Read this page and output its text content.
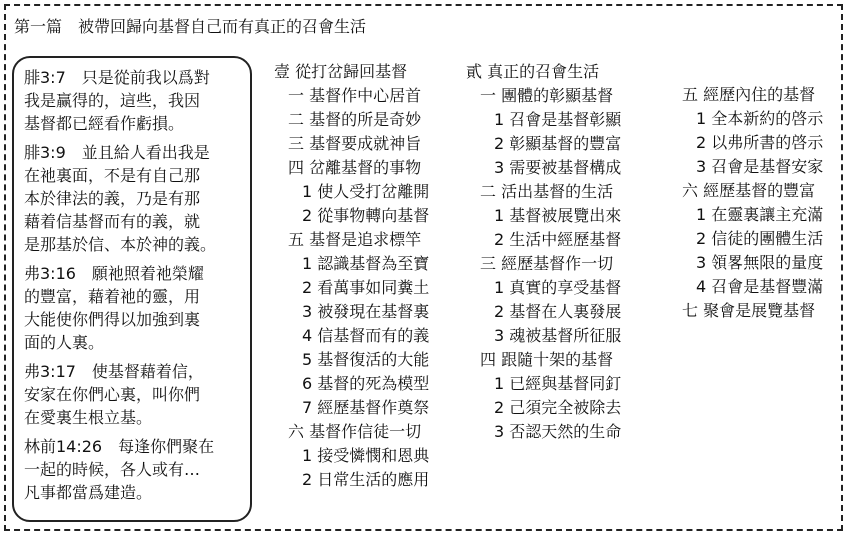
第一篇　被帶回歸向基督自己而有真正的召會生活
腓3:7　只是從前我以爲對
我是赢得的，這些，我因
基督都已經看作虧損。
腓3:9　並且給人看出我是
在祂裏面，不是有自己那
本於律法的義，乃是有那
藉着信基督而有的義，就
是那基於信、本於神的義。
弗3:16　願祂照着祂榮耀
的豐富，藉着祂的靈，用
大能使你們得以加強到裏
面的人裏。
弗3:17　使基督藉着信，
安家在你們心裏，叫你們
在愛裏生根立基。
林前14:26　每逢你們聚在
一起的時候，各人或有…
凡事都當爲建造。
壹 從打岔歸回基督
一 基督作中心居首
二 基督的所是奇妙
三 基督要成就神旨
四 岔離基督的事物
1 使人受打岔離開
2 從事物轉向基督
五 基督是追求標竿
1 認識基督為至寶
2 看萬事如同糞土
3 被發現在基督裏
4 信基督而有的義
5 基督復活的大能
6 基督的死為模型
7 經歷基督作奠祭
六 基督作信徒一切
1 接受憐憫和恩典
2 日常生活的應用
貳 真正的召會生活
一 團體的彰顯基督
1 召會是基督彰顯
2 彰顯基督的豐富
3 需要被基督構成
二 活出基督的生活
1 基督被展覽出來
2 生活中經歷基督
三 經歷基督作一切
1 真實的享受基督
2 基督在人裏發展
3 魂被基督所征服
四 跟隨十架的基督
1 已經與基督同釘
2 己須完全被除去
3 否認天然的生命
五 經歷內住的基督
1 全本新約的啓示
2 以弗所書的啓示
3 召會是基督安家
六 經歷基督的豐富
1 在靈裏讓主充滿
2 信徒的團體生活
3 領畧無限的量度
4 召會是基督豐滿
七 聚會是展覽基督
